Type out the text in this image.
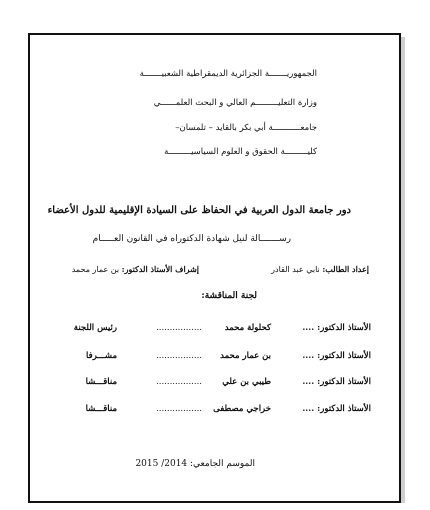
الجمهوريـــــــة الجزائرية الديمقراطية الشعبيـــــــة
وزارة التعليـــــــــم العالي و البحث العلمــــــي
جامعـــــــــــة أبي بكر بالقايد – تلمسان–
كليـــــــــة الحقوق و العلوم السياسيـــــــــة
دور جامعة الدول العربية في الحفاظ على السيادة الإقليمية للدول الأعضاء
رســـــــالة لنيل شهادة الدكتوراه في القانون العـــــام
إعداد الطالب: نابي عبد القادر
إشراف الأستاذ الدكتور: بن عمار محمد
لجنة المناقشة:
الأستاذ الدكتور: ....
كحلولة محمد
.................
رئيس اللجنة
الأستاذ الدكتور: ....
بن عمار محمد
.................
مشـــرفا
الأستاذ الدكتور: ....
طيبي بن علي
.................
مناقـــشا
الأستاذ الدكتور: ....
خراجي مصطفى
.................
مناقـــشا
الموسم الجامعي: 2014/ 2015
